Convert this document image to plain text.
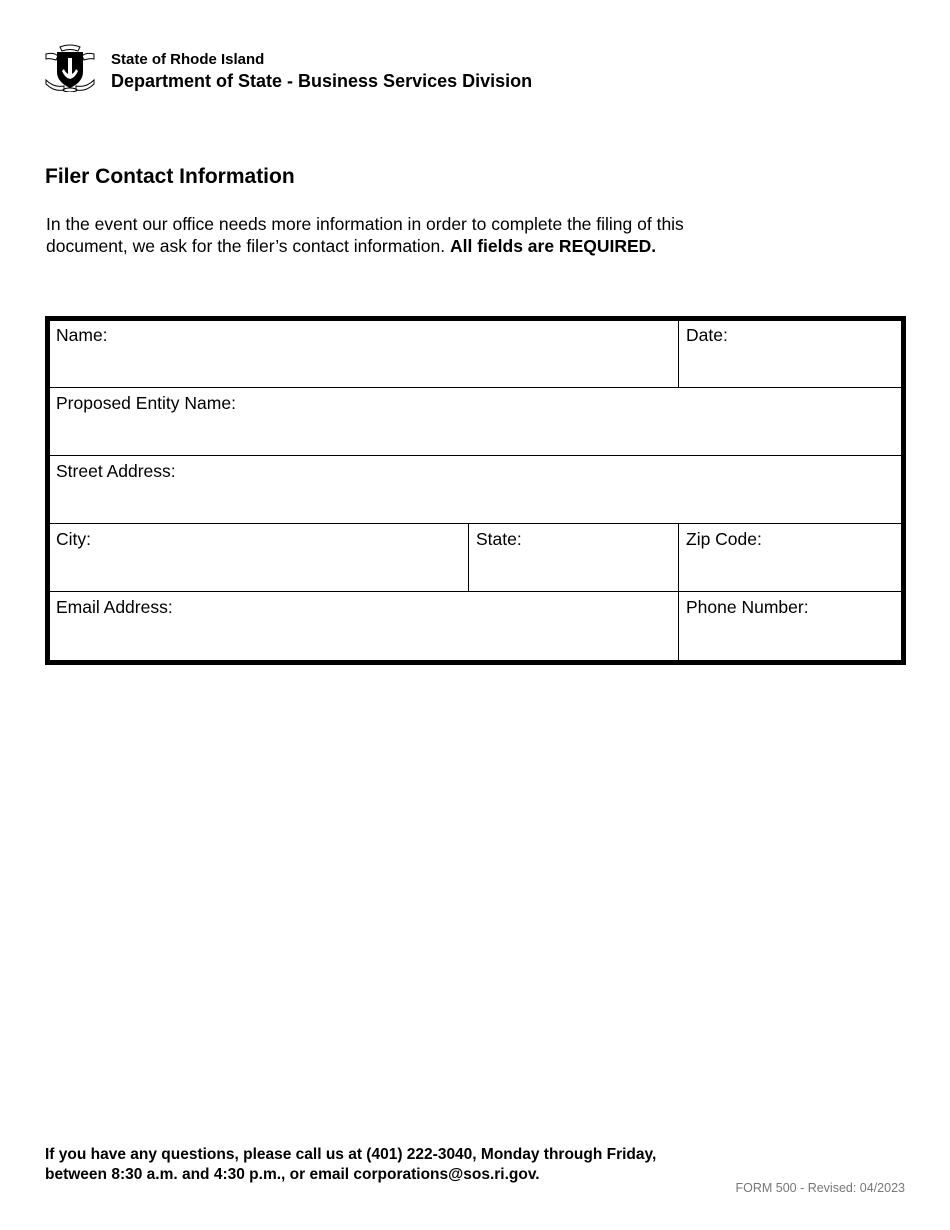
State of Rhode Island
Department of State - Business Services Division
Filer Contact Information
In the event our office needs more information in order to complete the filing of this document, we ask for the filer’s contact information. All fields are REQUIRED.
Name:	Date:
Proposed Entity Name:
Street Address:
City:	State:	Zip Code:
Email Address:	Phone Number:
If you have any questions, please call us at (401) 222-3040, Monday through Friday,
between 8:30 a.m. and 4:30 p.m., or email corporations@sos.ri.gov.
FORM 500 - Revised: 04/2023
